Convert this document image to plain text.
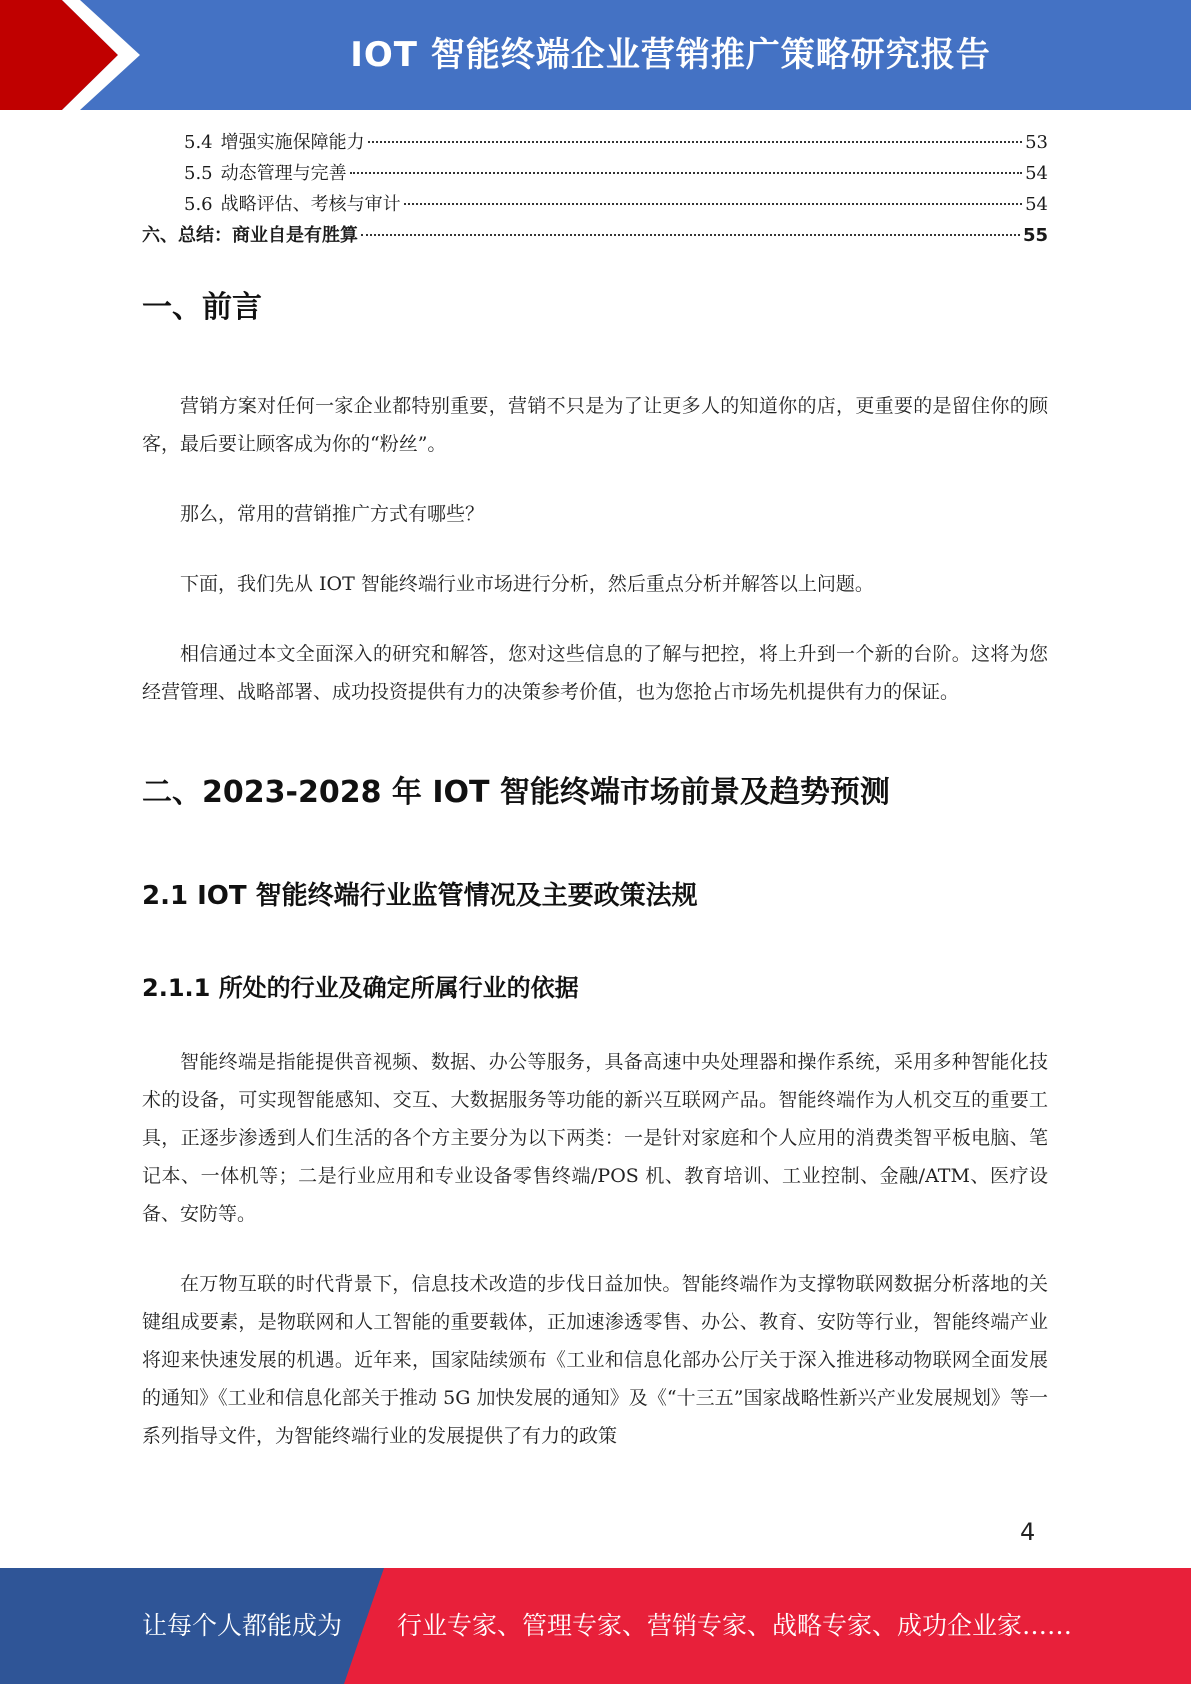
IOT 智能终端企业营销推广策略研究报告
5.4 增强实施保障能力	53
5.5 动态管理与完善	54
5.6 战略评估、考核与审计	54
六、总结：商业自是有胜算	55
一、前言

营销方案对任何一家企业都特别重要，营销不只是为了让更多人的知道你的店，更重要的是留住你的顾客，最后要让顾客成为你的“粉丝”。

那么，常用的营销推广方式有哪些？

下面，我们先从 IOT 智能终端行业市场进行分析，然后重点分析并解答以上问题。

相信通过本文全面深入的研究和解答，您对这些信息的了解与把控，将上升到一个新的台阶。这将为您经营管理、战略部署、成功投资提供有力的决策参考价值，也为您抢占市场先机提供有力的保证。

二、2023-2028 年 IOT 智能终端市场前景及趋势预测
2.1 IOT 智能终端行业监管情况及主要政策法规
2.1.1 所处的行业及确定所属行业的依据

智能终端是指能提供音视频、数据、办公等服务，具备高速中央处理器和操作系统，采用多种智能化技术的设备，可实现智能感知、交互、大数据服务等功能的新兴互联网产品。智能终端作为人机交互的重要工具，正逐步渗透到人们生活的各个方主要分为以下两类：一是针对家庭和个人应用的消费类智平板电脑、笔记本、一体机等；二是行业应用和专业设备零售终端/POS 机、教育培训、工业控制、金融/ATM、医疗设备、安防等。

在万物互联的时代背景下，信息技术改造的步伐日益加快。智能终端作为支撑物联网数据分析落地的关键组成要素，是物联网和人工智能的重要载体，正加速渗透零售、办公、教育、安防等行业，智能终端产业将迎来快速发展的机遇。近年来，国家陆续颁布《工业和信息化部办公厅关于深入推进移动物联网全面发展的通知》《工业和信息化部关于推动 5G 加快发展的通知》及《“十三五”国家战略性新兴产业发展规划》等一系列指导文件，为智能终端行业的发展提供了有力的政策

4
让每个人都能成为 行业专家、管理专家、营销专家、战略专家、成功企业家……
